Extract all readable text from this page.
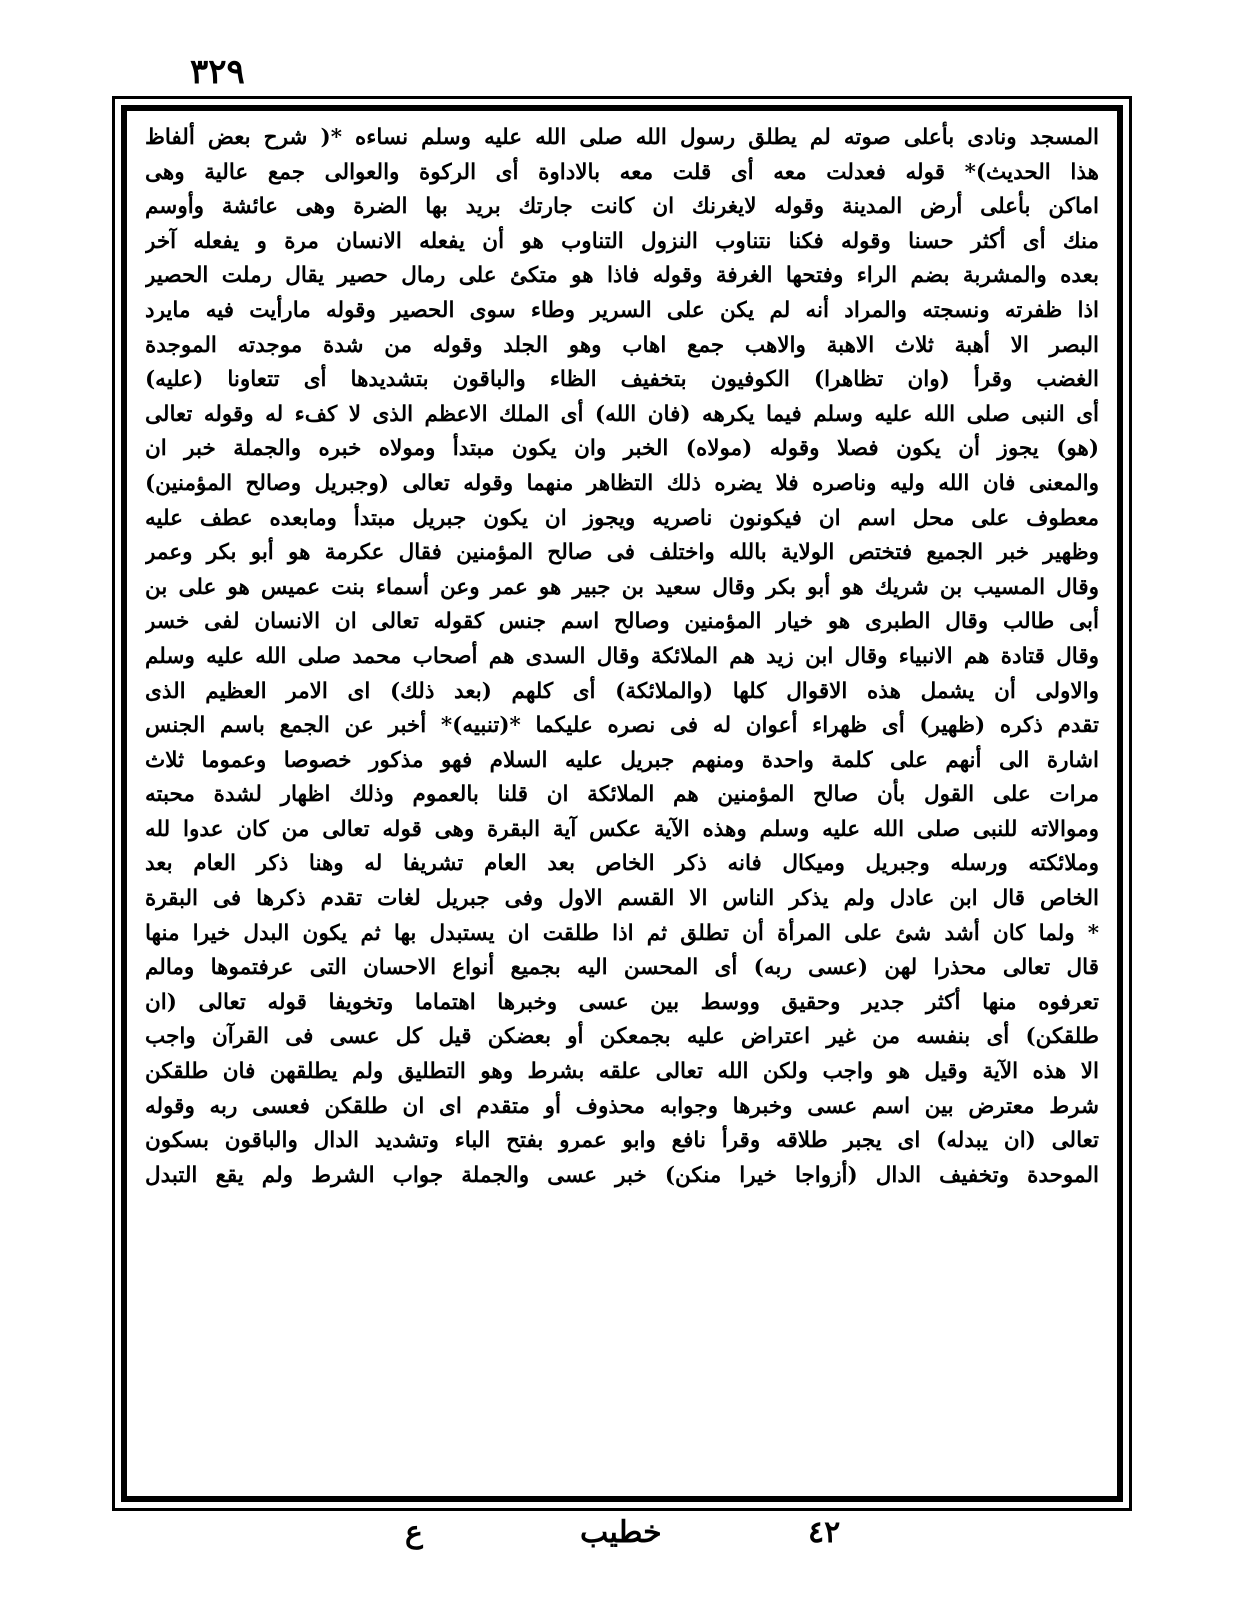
٣٢٩
المسجد ونادى بأعلى صوته لم يطلق رسول الله صلى الله عليه وسلم نساءه *( شرح بعض ألفاظ
هذا الحديث)* قوله فعدلت معه أى قلت معه بالاداوة أى الركوة والعوالى جمع عالية وهى
اماكن بأعلى أرض المدينة وقوله لايغرنك ان كانت جارتك بريد بها الضرة وهى عائشة وأوسم
منك أى أكثر حسنا وقوله فكنا نتناوب النزول التناوب هو أن يفعله الانسان مرة و يفعله آخر
بعده والمشربة بضم الراء وفتحها الغرفة وقوله فاذا هو متكئ على رمال حصير يقال رملت الحصير
اذا ظفرته ونسجته والمراد أنه لم يكن على السرير وطاء سوى الحصير وقوله مارأيت فيه مايرد
البصر الا أهبة ثلاث الاهبة والاهب جمع اهاب وهو الجلد وقوله من شدة موجدته الموجدة
الغضب وقرأ (وان تظاهرا) الكوفيون بتخفيف الظاء والباقون بتشديدها أى تتعاونا (عليه)
أى النبى صلى الله عليه وسلم فيما يكرهه (فان الله) أى الملك الاعظم الذى لا كفء له وقوله تعالى
(هو) يجوز أن يكون فصلا وقوله (مولاه) الخبر وان يكون مبتدأ ومولاه خبره والجملة خبر ان
والمعنى فان الله وليه وناصره فلا يضره ذلك التظاهر منهما وقوله تعالى (وجبريل وصالح المؤمنين)
معطوف على محل اسم ان فيكونون ناصريه ويجوز ان يكون جبريل مبتدأ ومابعده عطف عليه
وظهير خبر الجميع فتختص الولاية بالله واختلف فى صالح المؤمنين فقال عكرمة هو أبو بكر وعمر
وقال المسيب بن شريك هو أبو بكر وقال سعيد بن جبير هو عمر وعن أسماء بنت عميس هو على بن
أبى طالب وقال الطبرى هو خيار المؤمنين وصالح اسم جنس كقوله تعالى ان الانسان لفى خسر
وقال قتادة هم الانبياء وقال ابن زيد هم الملائكة وقال السدى هم أصحاب محمد صلى الله عليه وسلم
والاولى أن يشمل هذه الاقوال كلها (والملائكة) أى كلهم (بعد ذلك) اى الامر العظيم الذى
تقدم ذكره (ظهير) أى ظهراء أعوان له فى نصره عليكما *(تنبيه)* أخبر عن الجمع باسم الجنس
اشارة الى أنهم على كلمة واحدة ومنهم جبريل عليه السلام فهو مذكور خصوصا وعموما ثلاث
مرات على القول بأن صالح المؤمنين هم الملائكة ان قلنا بالعموم وذلك اظهار لشدة محبته
وموالاته للنبى صلى الله عليه وسلم وهذه الآية عكس آية البقرة وهى قوله تعالى من كان عدوا لله
وملائكته ورسله وجبريل وميكال فانه ذكر الخاص بعد العام تشريفا له وهنا ذكر العام بعد
الخاص قال ابن عادل ولم يذكر الناس الا القسم الاول وفى جبريل لغات تقدم ذكرها فى البقرة
* ولما كان أشد شئ على المرأة أن تطلق ثم اذا طلقت ان يستبدل بها ثم يكون البدل خيرا منها
قال تعالى محذرا لهن (عسى ربه) أى المحسن اليه بجميع أنواع الاحسان التى عرفتموها ومالم
تعرفوه منها أكثر جدير وحقيق ووسط بين عسى وخبرها اهتماما وتخويفا قوله تعالى (ان
طلقكن) أى بنفسه من غير اعتراض عليه بجمعكن أو بعضكن قيل كل عسى فى القرآن واجب
الا هذه الآية وقيل هو واجب ولكن الله تعالى علقه بشرط وهو التطليق ولم يطلقهن فان طلقكن
شرط معترض بين اسم عسى وخبرها وجوابه محذوف أو متقدم اى ان طلقكن فعسى ربه وقوله
تعالى (ان يبدله) اى يجبر طلاقه وقرأ نافع وابو عمرو بفتح الباء وتشديد الدال والباقون بسكون
الموحدة وتخفيف الدال (أزواجا خيرا منكن) خبر عسى والجملة جواب الشرط ولم يقع التبدل
ع	خطيب	٤٢
